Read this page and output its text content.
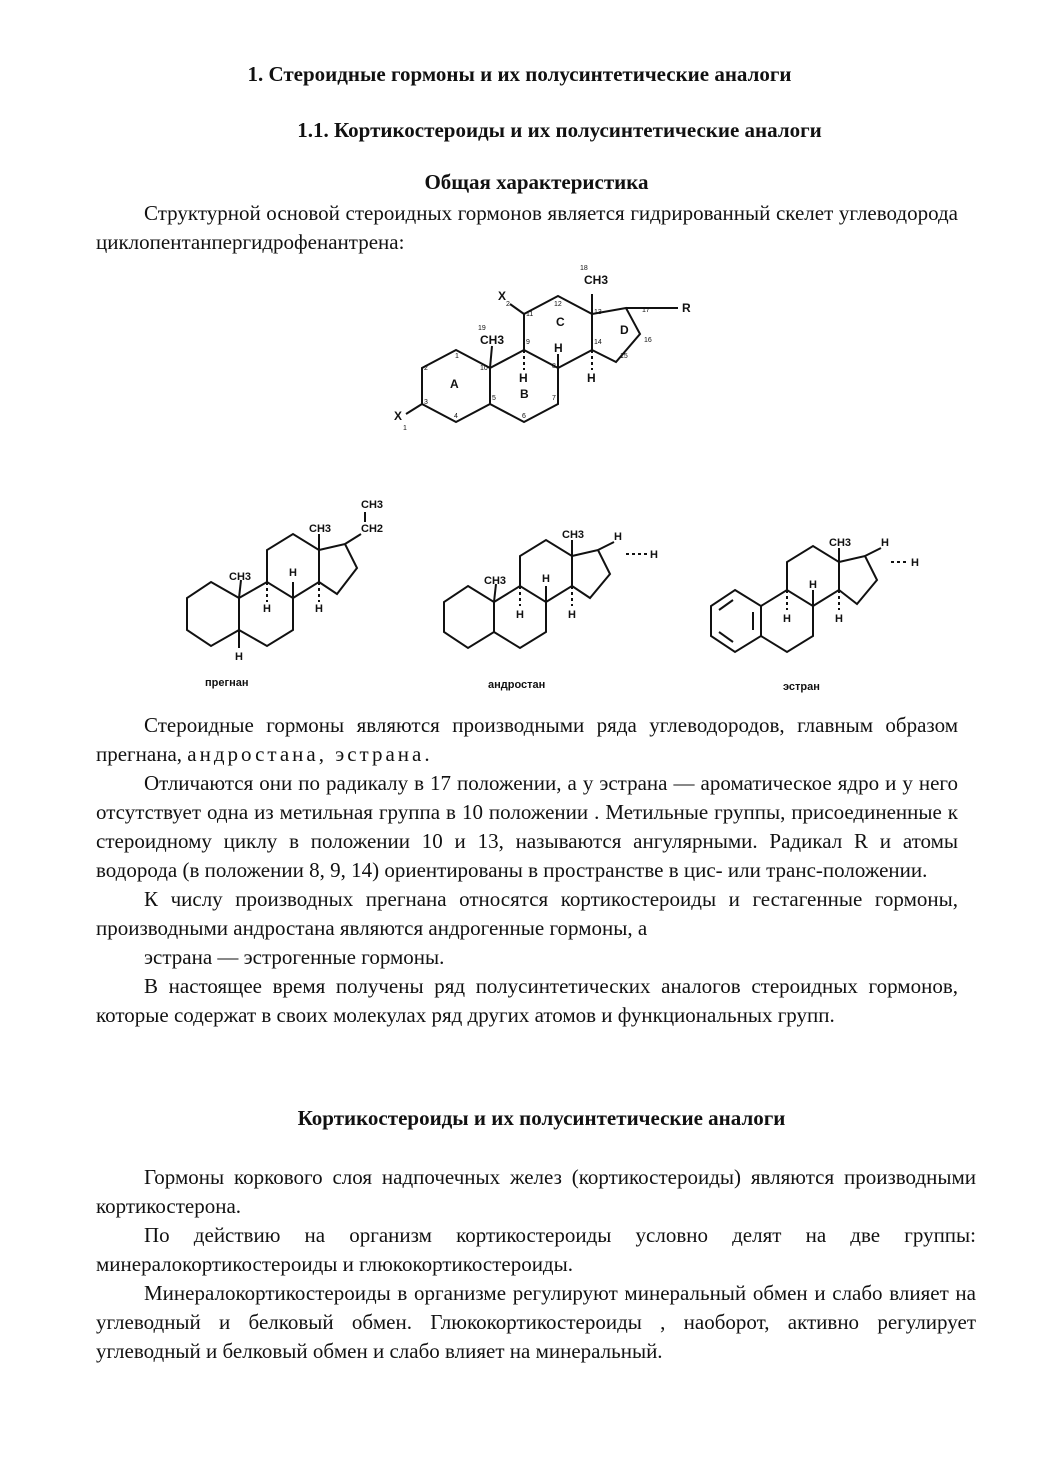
1. Стероидные гормоны и их полусинтетические аналоги
1.1. Кортикостероиды и их полусинтетические аналоги
Общая характеристика

Структурной основой стероидных гормонов является гидрированный скелет углеводорода циклопентанпергидрофенантрена:

A
B
C
D
CH3
CH3
H
H
H
X
X
R
1
2
1
2
3
4
5
6
7
8
9
10
11
12
13
14
15
16
17
18
19
CH3
CH3
CH3
CH2
H
H
H
H
прегнан
CH3
CH3	H
H
H
H
H
андростан
CH3	H
H
H
H
H
эстран

Стероидные гормоны являются производными ряда углеводородов, главным образом прегнана, андростана, эстрана.

Отличаются они по радикалу в 17 положении, а у эстрана — ароматическое ядро и у него отсутствует одна из метильная группа в 10 положении . Метильные группы, присоединенные к стероидному циклу в положении 10 и 13, называются ангулярными. Радикал R и атомы водорода (в положении 8, 9, 14) ориентированы в пространстве в цис- или транс-положении.

К числу производных прегнана относятся кортикостероиды и гестагенные гормоны, производными андростана являются андрогенные гормоны, а

эстрана — эстрогенные гормоны.

В настоящее время получены ряд полусинтетических аналогов стероидных гормонов, которые содержат в своих молекулах ряд других атомов и функциональных групп.

Кортикостероиды и их полусинтетические аналоги

Гормоны коркового слоя надпочечных желез (кортикостероиды) являются производными кортикостерона.

По действию на организм кортикостероиды условно делят на две группы: минералокортикостероиды и глюкокортикостероиды.

Минералокортикостероиды в организме регулируют минеральный обмен и слабо влияет на углеводный и белковый обмен. Глюкокортикостероиды , наоборот, активно регулирует углеводный и белковый обмен и слабо влияет на минеральный.
